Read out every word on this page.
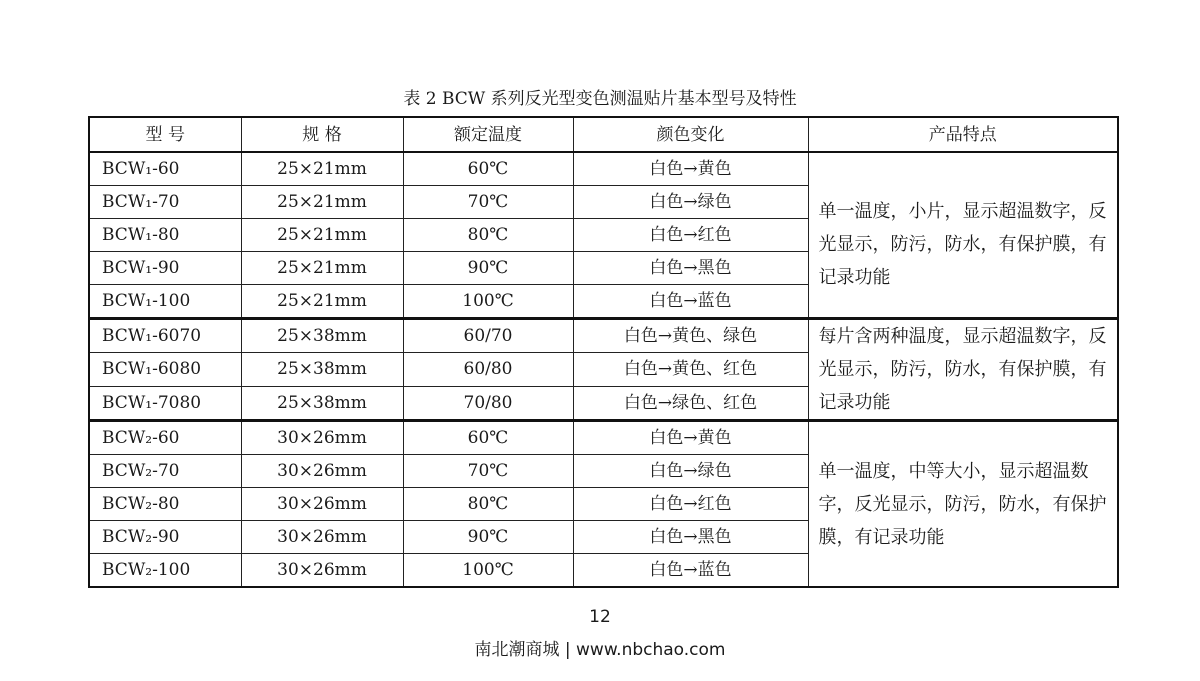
表 2 BCW 系列反光型变色测温贴片基本型号及特性
型 号	规 格	额定温度	颜色变化	产品特点
BCW₁-60	25×21mm	60℃	白色→黄色	单一温度，小片，显示超温数字，反光显示，防污，防水，有保护膜，有记录功能
BCW₁-70	25×21mm	70℃	白色→绿色	
BCW₁-80	25×21mm	80℃	白色→红色	
BCW₁-90	25×21mm	90℃	白色→黑色	
BCW₁-100	25×21mm	100℃	白色→蓝色	
BCW₁-6070	25×38mm	60/70	白色→黄色、绿色	每片含两种温度，显示超温数字，反光显示，防污，防水，有保护膜，有记录功能
BCW₁-6080	25×38mm	60/80	白色→黄色、红色	
BCW₁-7080	25×38mm	70/80	白色→绿色、红色	
BCW₂-60	30×26mm	60℃	白色→黄色	单一温度，中等大小，显示超温数字，反光显示，防污，防水，有保护膜，有记录功能
BCW₂-70	30×26mm	70℃	白色→绿色	
BCW₂-80	30×26mm	80℃	白色→红色	
BCW₂-90	30×26mm	90℃	白色→黑色	
BCW₂-100	30×26mm	100℃	白色→蓝色	
12
南北潮商城 | www.nbchao.com
